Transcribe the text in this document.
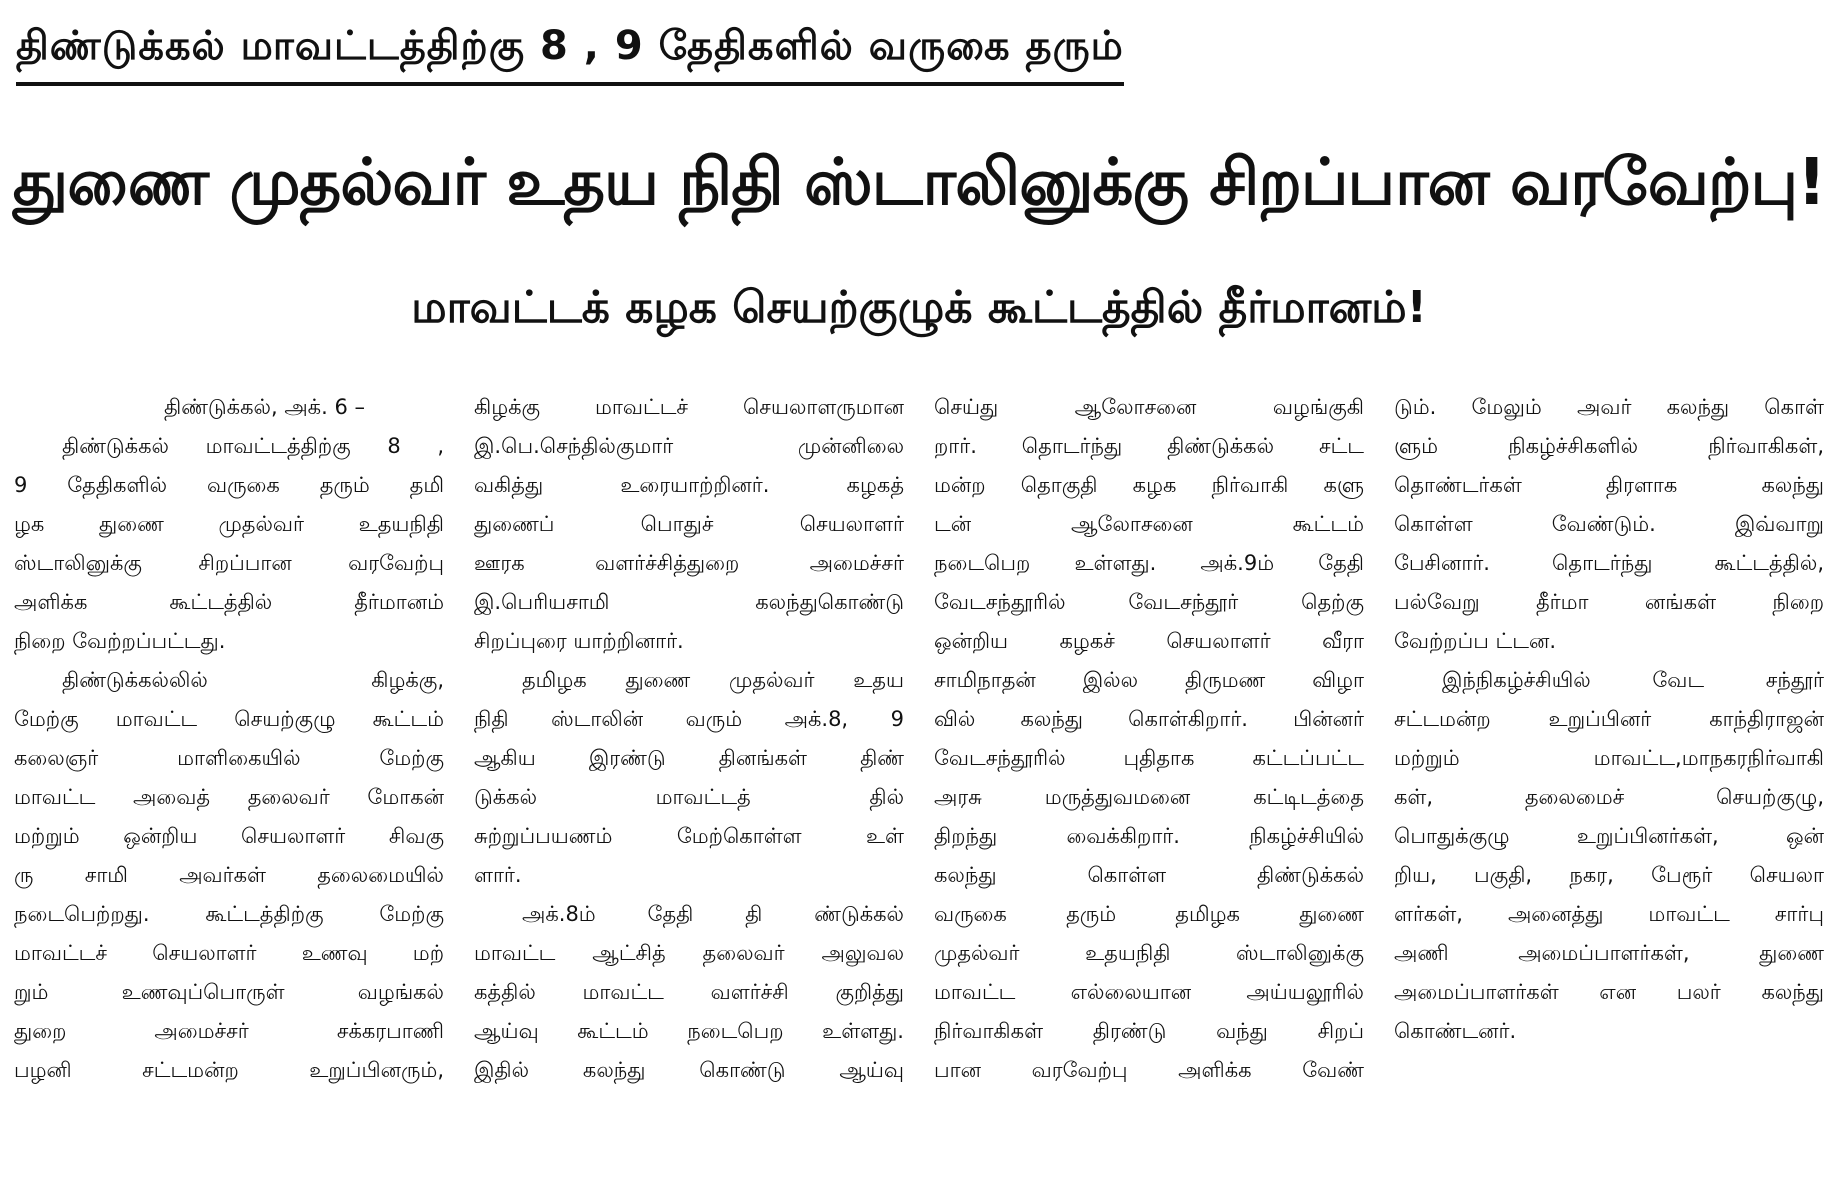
திண்டுக்கல் மாவட்டத்திற்கு 8 , 9 தேதிகளில் வருகை தரும்
துணை முதல்வர் உதய நிதி ஸ்டாலினுக்கு சிறப்பான வரவேற்பு!
மாவட்டக் கழக செயற்குழுக் கூட்டத்தில் தீர்மானம்!
திண்டுக்கல், அக். 6 –
திண்டுக்கல் மாவட்டத்திற்கு 8 ,
9 தேதிகளில் வருகை தரும் தமி
ழக துணை முதல்வர் உதயநிதி
ஸ்டாலினுக்கு சிறப்பான வரவேற்பு
அளிக்க கூட்டத்தில் தீர்மானம்
நிறை வேற்றப்பட்டது.
திண்டுக்கல்லில் கிழக்கு,
மேற்கு மாவட்ட செயற்குழு கூட்டம்
கலைஞர் மாளிகையில் மேற்கு
மாவட்ட அவைத் தலைவர் மோகன்
மற்றும் ஒன்றிய செயலாளர் சிவகு
ரு சாமி அவர்கள் தலைமையில்
நடைபெற்றது. கூட்டத்திற்கு மேற்கு
மாவட்டச் செயலாளர் உணவு மற்
றும் உணவுப்பொருள் வழங்கல்
துறை அமைச்சர் சக்கரபாணி
பழனி சட்டமன்ற உறுப்பினரும்,
கிழக்கு மாவட்டச் செயலாளருமான
இ.பெ.செந்தில்குமார் முன்னிலை
வகித்து உரையாற்றினர். கழகத்
துணைப் பொதுச் செயலாளர்
ஊரக வளர்ச்சித்துறை அமைச்சர்
இ.பெரியசாமி கலந்துகொண்டு
சிறப்புரை யாற்றினார்.
தமிழக துணை முதல்வர் உதய
நிதி ஸ்டாலின் வரும் அக்.8, 9
ஆகிய இரண்டு தினங்கள் திண்
டுக்கல் மாவட்டத் தில்
சுற்றுப்பயணம் மேற்கொள்ள உள்
ளார்.
அக்.8ம் தேதி தி ண்டுக்கல்
மாவட்ட ஆட்சித் தலைவர் அலுவல
கத்தில் மாவட்ட வளர்ச்சி குறித்து
ஆய்வு கூட்டம் நடைபெற உள்ளது.
இதில் கலந்து கொண்டு ஆய்வு
செய்து ஆலோசனை வழங்குகி
றார். தொடர்ந்து திண்டுக்கல் சட்ட
மன்ற தொகுதி கழக நிர்வாகி களு
டன் ஆலோசனை கூட்டம்
நடைபெற உள்ளது. அக்.9ம் தேதி
வேடசந்தூரில் வேடசந்தூர் தெற்கு
ஒன்றிய கழகச் செயலாளர் வீரா
சாமிநாதன் இல்ல திருமண விழா
வில் கலந்து கொள்கிறார். பின்னர்
வேடசந்தூரில் புதிதாக கட்டப்பட்ட
அரசு மருத்துவமனை கட்டிடத்தை
திறந்து வைக்கிறார். நிகழ்ச்சியில்
கலந்து கொள்ள திண்டுக்கல்
வருகை தரும் தமிழக துணை
முதல்வர் உதயநிதி ஸ்டாலினுக்கு
மாவட்ட எல்லையான அய்யலூரில்
நிர்வாகிகள் திரண்டு வந்து சிறப்
பான வரவேற்பு அளிக்க வேண்
டும். மேலும் அவர் கலந்து கொள்
ளும் நிகழ்ச்சிகளில் நிர்வாகிகள்,
தொண்டர்கள் திரளாக கலந்து
கொள்ள வேண்டும். இவ்வாறு
பேசினார். தொடர்ந்து கூட்டத்தில்,
பல்வேறு தீர்மா னங்கள் நிறை
வேற்றப்ப ட்டன.
இந்நிகழ்ச்சியில் வேட சந்தூர்
சட்டமன்ற உறுப்பினர் காந்திராஜன்
மற்றும் மாவட்ட,மாநகரநிர்வாகி
கள், தலைமைச் செயற்குழு,
பொதுக்குழு உறுப்பினர்கள், ஒன்
றிய, பகுதி, நகர, பேரூர் செயலா
ளர்கள், அனைத்து மாவட்ட சார்பு
அணி அமைப்பாளர்கள், துணை
அமைப்பாளர்கள் என பலர் கலந்து
கொண்டனர்.
